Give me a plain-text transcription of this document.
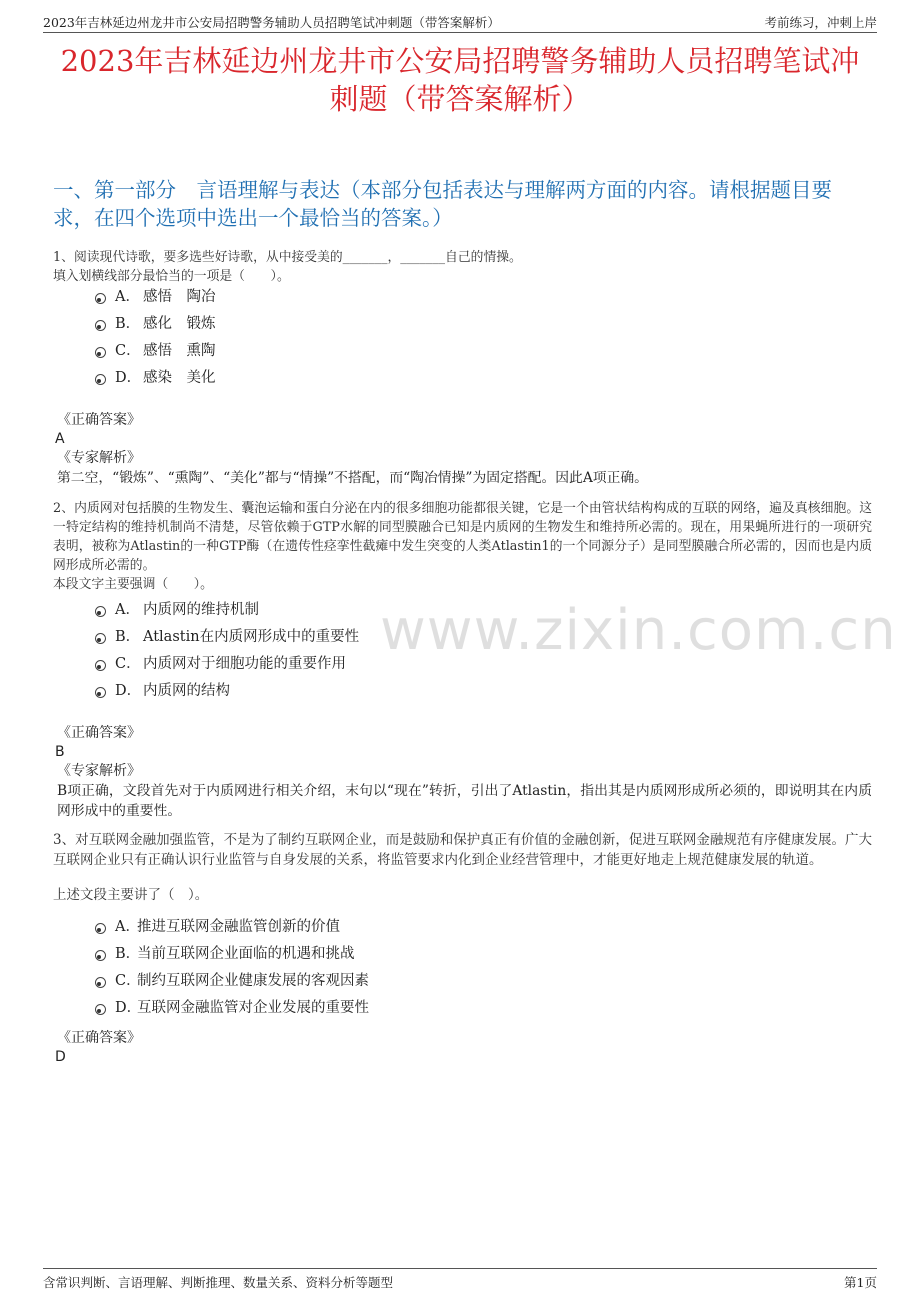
2023年吉林延边州龙井市公安局招聘警务辅助人员招聘笔试冲刺题（带答案解析）	考前练习，冲刺上岸
2023年吉林延边州龙井市公安局招聘警务辅助人员招聘笔试冲刺题（带答案解析）
一、第一部分　言语理解与表达（本部分包括表达与理解两方面的内容。请根据题目要求，在四个选项中选出一个最恰当的答案。）

1、阅读现代诗歌，要多选些好诗歌，从中接受美的_______，_______自己的情操。

填入划横线部分最恰当的一项是（　　）。

A． 感悟　陶冶
B． 感化　锻炼
C． 感悟　熏陶
D． 感染　美化

《正确答案》

A

《专家解析》

第二空，“锻炼”、“熏陶”、“美化”都与“情操”不搭配，而“陶冶情操”为固定搭配。因此A项正确。

2、内质网对包括膜的生物发生、囊泡运输和蛋白分泌在内的很多细胞功能都很关键，它是一个由管状结构构成的互联的网络，遍及真核细胞。这一特定结构的维持机制尚不清楚，尽管依赖于GTP水解的同型膜融合已知是内质网的生物发生和维持所必需的。现在，用果蝇所进行的一项研究表明，被称为Atlastin的一种GTP酶（在遗传性痉挛性截瘫中发生突变的人类Atlastin1的一个同源分子）是同型膜融合所必需的，因而也是内质网形成所必需的。

本段文字主要强调（　　）。

A． 内质网的维持机制
B． Atlastin在内质网形成中的重要性
C． 内质网对于细胞功能的重要作用
D． 内质网的结构

《正确答案》

B

《专家解析》

B项正确，文段首先对于内质网进行相关介绍，末句以“现在”转折，引出了Atlastin，指出其是内质网形成所必须的，即说明其在内质网形成中的重要性。

3、对互联网金融加强监管，不是为了制约互联网企业，而是鼓励和保护真正有价值的金融创新，促进互联网金融规范有序健康发展。广大互联网企业只有正确认识行业监管与自身发展的关系，将监管要求内化到企业经营管理中，才能更好地走上规范健康发展的轨道。

上述文段主要讲了（　）。

A．推进互联网金融监管创新的价值
B．当前互联网企业面临的机遇和挑战
C．制约互联网企业健康发展的客观因素
D．互联网金融监管对企业发展的重要性

《正确答案》

D

www.zixin.com.cn
含常识判断、言语理解、判断推理、数量关系、资料分析等题型	第1页
